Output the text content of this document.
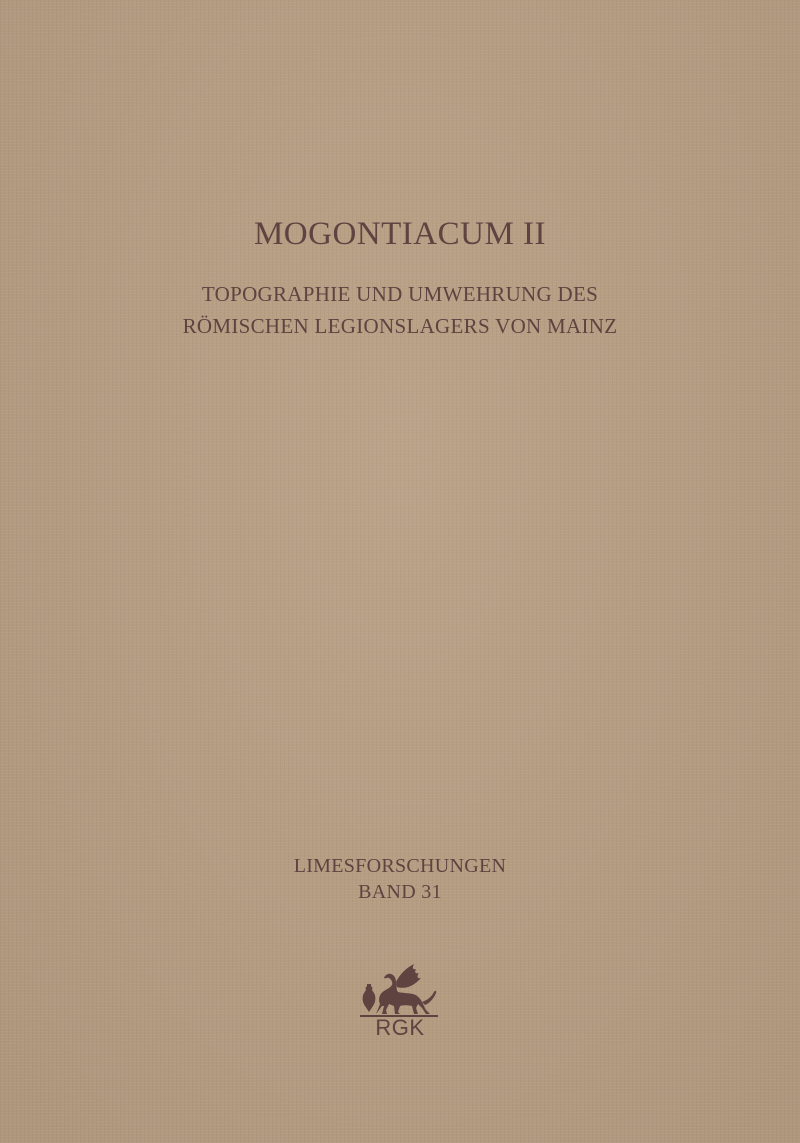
MOGONTIACUM II
TOPOGRAPHIE UND UMWEHRUNG DES
RÖMISCHEN LEGIONSLAGERS VON MAINZ
LIMESFORSCHUNGEN
BAND 31
RGK
